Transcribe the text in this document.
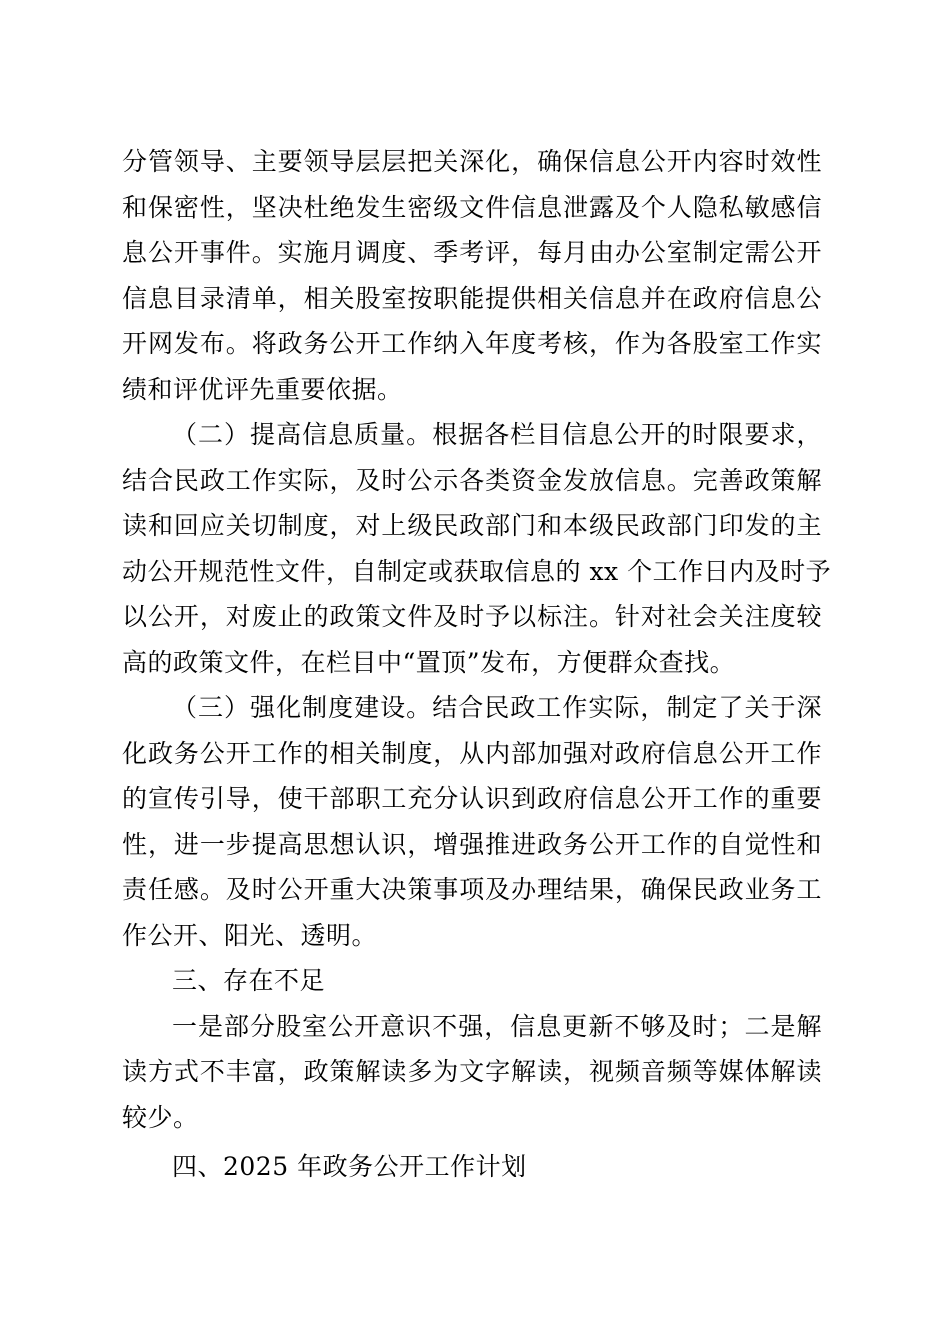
分管领导、主要领导层层把关深化，确保信息公开内容时效性

和保密性，坚决杜绝发生密级文件信息泄露及个人隐私敏感信

息公开事件。实施月调度、季考评，每月由办公室制定需公开

信息目录清单，相关股室按职能提供相关信息并在政府信息公

开网发布。将政务公开工作纳入年度考核，作为各股室工作实

绩和评优评先重要依据。

（二）提高信息质量。根据各栏目信息公开的时限要求，

结合民政工作实际，及时公示各类资金发放信息。完善政策解

读和回应关切制度，对上级民政部门和本级民政部门印发的主

动公开规范性文件，自制定或获取信息的 xx 个工作日内及时予

以公开，对废止的政策文件及时予以标注。针对社会关注度较

高的政策文件，在栏目中“置顶”发布，方便群众查找。

（三）强化制度建设。结合民政工作实际，制定了关于深

化政务公开工作的相关制度，从内部加强对政府信息公开工作

的宣传引导，使干部职工充分认识到政府信息公开工作的重要

性，进一步提高思想认识，增强推进政务公开工作的自觉性和

责任感。及时公开重大决策事项及办理结果，确保民政业务工

作公开、阳光、透明。

三、存在不足

一是部分股室公开意识不强，信息更新不够及时；二是解

读方式不丰富，政策解读多为文字解读，视频音频等媒体解读

较少。

四、2025 年政务公开工作计划
